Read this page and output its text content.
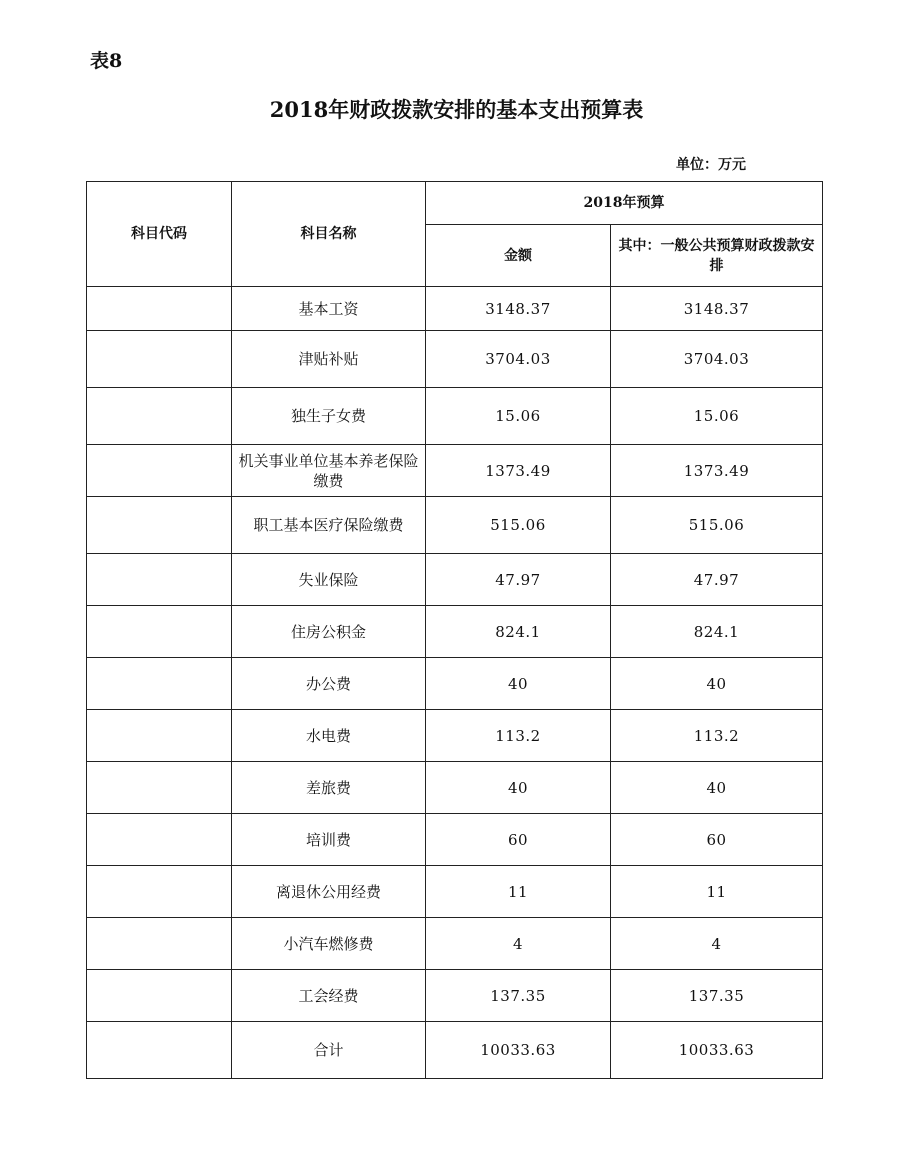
表8
2018年财政拨款安排的基本支出预算表
单位：万元
科目代码	科目名称	2018年预算	
		金额	其中：一般公共预算财政拨款安排
	基本工资	3148.37	3148.37
	津贴补贴	3704.03	3704.03
	独生子女费	15.06	15.06
	机关事业单位基本养老保险缴费	1373.49	1373.49
	职工基本医疗保险缴费	515.06	515.06
	失业保险	47.97	47.97
	住房公积金	824.1	824.1
	办公费	40	40
	水电费	113.2	113.2
	差旅费	40	40
	培训费	60	60
	离退休公用经费	11	11
	小汽车燃修费	4	4
	工会经费	137.35	137.35
	合计	10033.63	10033.63
